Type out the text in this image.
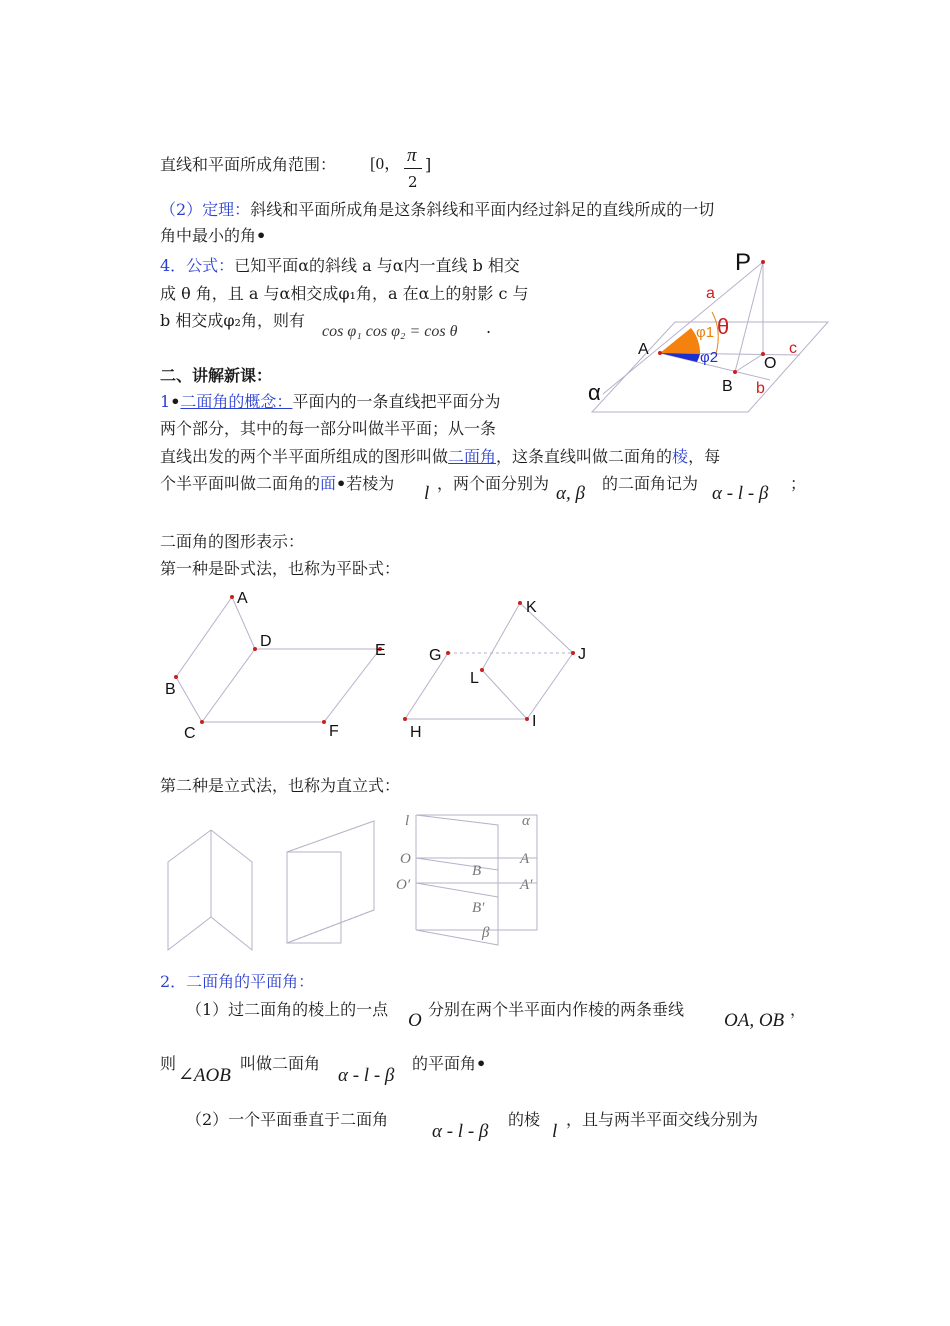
直线和平面所成角范围： [0， π
2
]
（2）定理：斜线和平面所成角是这条斜线和平面内经过斜足的直线所成的一切
角中最小的角•
4．公式：已知平面α的斜线 a 与α内一直线 b 相交
成 θ 角，且 a 与α相交成φ₁角，a 在α上的射影 c 与
b 相交成φ₂角，则有
cos φ₁ cos φ₂ = cos θ .
二、讲解新课：
1•二面角的概念：平面内的一条直线把平面分为
两个部分，其中的每一部分叫做半平面；从一条
直线出发的两个半平面所组成的图形叫做二面角，这条直线叫做二面角的棱，每
个半平面叫做二面角的面•若棱为 l ，两个面分别为 α, β 的二面角记为 α - l - β ；
二面角的图形表示：
第一种是卧式法，也称为平卧式：
第二种是立式法，也称为直立式：
2．二面角的平面角：
（1）过二面角的棱上的一点
O
分别在两个半平面内作棱的两条垂线
OA, OB
，
则
∠AOB
叫做二面角
α - l - β
的平面角•
（2）一个平面垂直于二面角
α - l - β
的棱
l
，且与两半平面交线分别为
P
a
θ
φ1
φ2
A
O
c
B b
α
A
D
E
B
C	F
K
G	J
L
H
I
l	α
O	A
B
O′	A′
B′
β
